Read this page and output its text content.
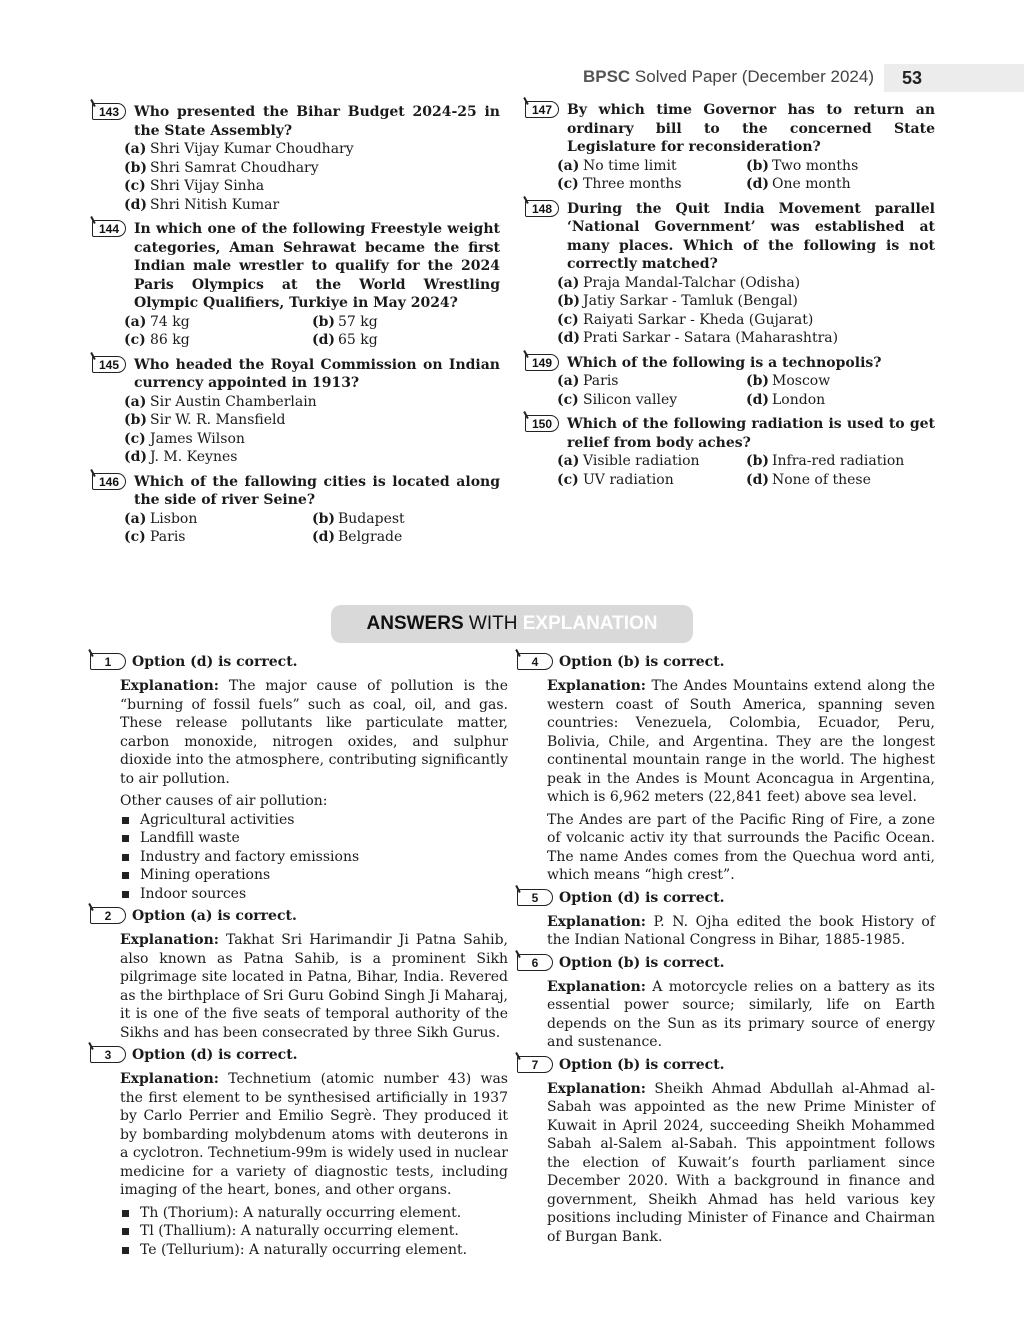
BPSC Solved Paper (December 2024)	53
143	Who presented the Bihar Budget 2024-25 in the State Assembly?
(a) Shri Vijay Kumar Choudhary
(b) Shri Samrat Choudhary
(c) Shri Vijay Sinha
(d) Shri Nitish Kumar
144	In which one of the following Freestyle weight categories, Aman Sehrawat became the first Indian male wrestler to qualify for the 2024 Paris Olympics at the World Wrestling Olympic Qualifiers, Turkiye in May 2024?
(a) 74 kg	(b) 57 kg
(c) 86 kg	(d) 65 kg
145	Who headed the Royal Commission on Indian currency appointed in 1913?
(a) Sir Austin Chamberlain
(b) Sir W. R. Mansfield
(c) James Wilson
(d) J. M. Keynes
146	Which of the fallowing cities is located along the side of river Seine?
(a) Lisbon	(b) Budapest
(c) Paris	(d) Belgrade
147	By which time Governor has to return an ordinary bill to the concerned State Legislature for reconsideration?
(a) No time limit	(b) Two months
(c) Three months	(d) One month
148	During the Quit India Movement parallel ‘National Government’ was established at many places. Which of the following is not correctly matched?
(a) Praja Mandal-Talchar (Odisha)
(b) Jatiy Sarkar - Tamluk (Bengal)
(c) Raiyati Sarkar - Kheda (Gujarat)
(d) Prati Sarkar - Satara (Maharashtra)
149	Which of the following is a technopolis?
(a) Paris	(b) Moscow
(c) Silicon valley	(d) London
150	Which of the following radiation is used to get relief from body aches?
(a) Visible radiation	(b) Infra-red radiation
(c) UV radiation	(d) None of these
ANSWERS WITH EXPLANATION
1	Option (d) is correct.

Explanation: The major cause of pollution is the “burning of fossil fuels” such as coal, oil, and gas. These release pollutants like particulate matter, carbon monoxide, nitrogen oxides, and sulphur dioxide into the atmosphere, contributing significantly to air pollution.

Other causes of air pollution:
Agricultural activities
Landfill waste
Industry and factory emissions
Mining operations
Indoor sources
2	Option (a) is correct.

Explanation: Takhat Sri Harimandir Ji Patna Sahib, also known as Patna Sahib, is a prominent Sikh pilgrimage site located in Patna, Bihar, India. Revered as the birthplace of Sri Guru Gobind Singh Ji Maharaj, it is one of the five seats of temporal authority of the Sikhs and has been consecrated by three Sikh Gurus.

3	Option (d) is correct.

Explanation: Technetium (atomic number 43) was the first element to be synthesised artificially in 1937 by Carlo Perrier and Emilio Segrè. They produced it by bombarding molybdenum atoms with deuterons in a cyclotron. Technetium-99m is widely used in nuclear medicine for a variety of diagnostic tests, including imaging of the heart, bones, and other organs.

Th (Thorium): A naturally occurring element.
Tl (Thallium): A naturally occurring element.
Te (Tellurium): A naturally occurring element.
4	Option (b) is correct.

Explanation: The Andes Mountains extend along the western coast of South America, spanning seven countries: Venezuela, Colombia, Ecuador, Peru, Bolivia, Chile, and Argentina. They are the longest continental mountain range in the world. The highest peak in the Andes is Mount Aconcagua in Argentina, which is 6,962 meters (22,841 feet) above sea level.

The Andes are part of the Pacific Ring of Fire, a zone of volcanic activ ity that surrounds the Pacific Ocean. The name Andes comes from the Quechua word anti, which means “high crest”.

5	Option (d) is correct.

Explanation: P. N. Ojha edited the book History of the Indian National Congress in Bihar, 1885-1985.

6	Option (b) is correct.

Explanation: A motorcycle relies on a battery as its essential power source; similarly, life on Earth depends on the Sun as its primary source of energy and sustenance.

7	Option (b) is correct.

Explanation: Sheikh Ahmad Abdullah al-Ahmad al-Sabah was appointed as the new Prime Minister of Kuwait in April 2024, succeeding Sheikh Mohammed Sabah al-Salem al-Sabah. This appointment follows the election of Kuwait’s fourth parliament since December 2020. With a background in finance and government, Sheikh Ahmad has held various key positions including Minister of Finance and Chairman of Burgan Bank.
